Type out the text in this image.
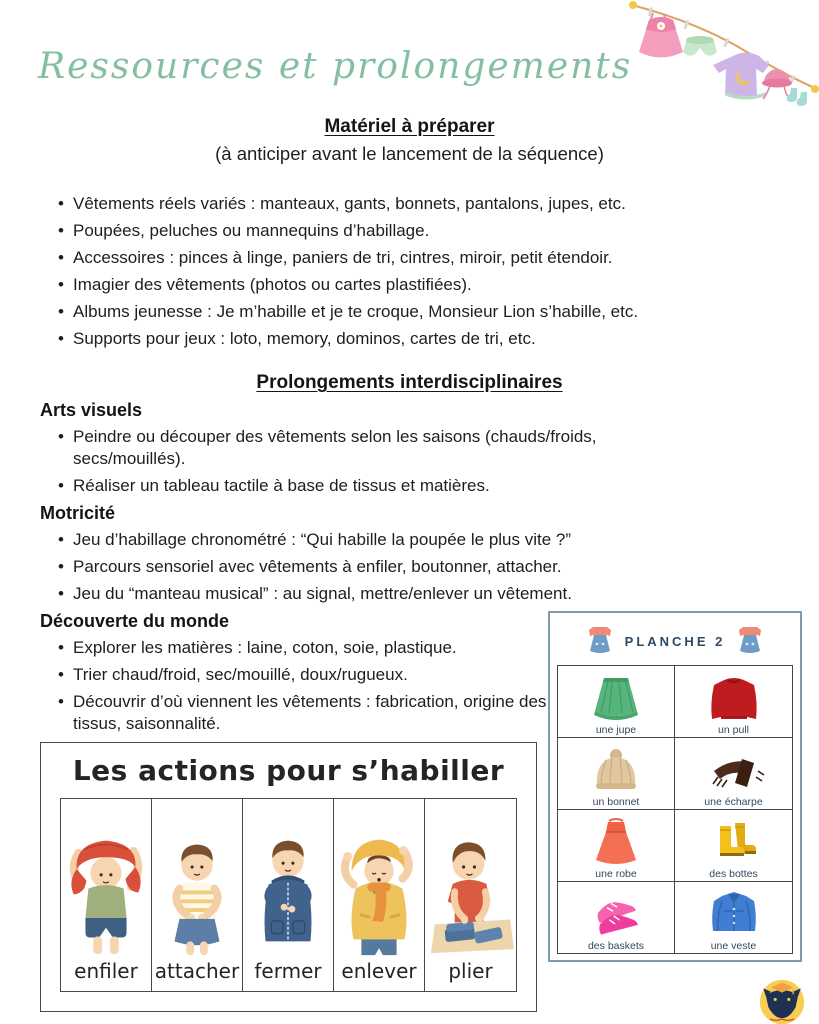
Ressources et prolongements
Matériel à préparer
(à anticiper avant le lancement de la séquence)
• Vêtements réels variés : manteaux, gants, bonnets, pantalons, jupes, etc.
• Poupées, peluches ou mannequins d’habillage.
• Accessoires : pinces à linge, paniers de tri, cintres, miroir, petit étendoir.
• Imagier des vêtements (photos ou cartes plastifiées).
• Albums jeunesse : Je m’habille et je te croque, Monsieur Lion s’habille, etc.
• Supports pour jeux : loto, memory, dominos, cartes de tri, etc.
Prolongements interdisciplinaires
Arts visuels
• Peindre ou découper des vêtements selon les saisons (chauds/froids, secs/mouillés).
• Réaliser un tableau tactile à base de tissus et matières.
Motricité
• Jeu d’habillage chronométré : “Qui habille la poupée le plus vite ?”
• Parcours sensoriel avec vêtements à enfiler, boutonner, attacher.
• Jeu du “manteau musical” : au signal, mettre/enlever un vêtement.
Découverte du monde
• Explorer les matières : laine, coton, soie, plastique.
• Trier chaud/froid, sec/mouillé, doux/rugueux.
• Découvrir d’où viennent les vêtements : fabrication, origine des tissus, saisonnalité.
PLANCHE 2
une jupe	un pull
un bonnet	une écharpe
une robe	des bottes
des baskets	une veste
Les actions pour s’habiller
enfiler attacher fermer enlever	plier
